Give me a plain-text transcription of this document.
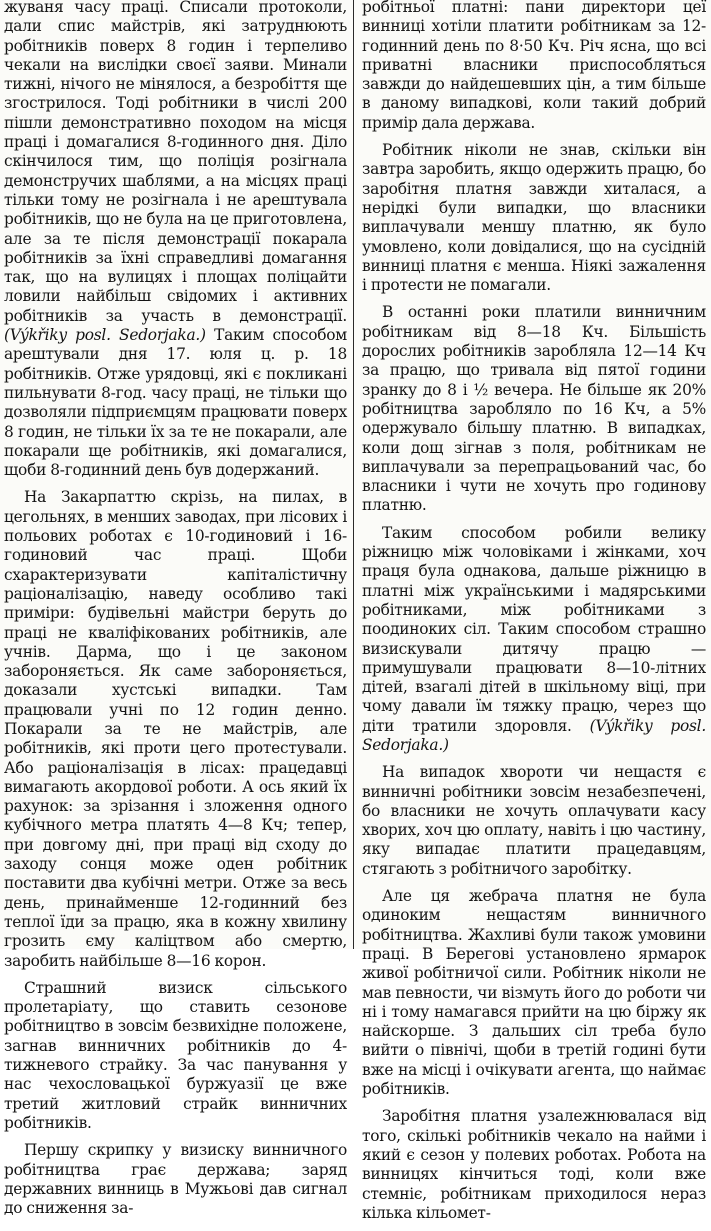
жуваня часу праці. Списали протоколи, дали спис майстрів, які затруднюють робітників поверх 8 годин і терпеливо чекали на вислідки своєї заяви. Минали тижні, нічого не мінялося, а безробіття ще згострилося. Тоді робітники в числі 200 пішли демонстративно походом на місця праці і домагалися 8-годинного дня. Діло скінчилося тим, що поліція розігнала демонстручих шаблями, а на місцях праці тільки тому не розігнала і не арештувала робітників, що не була на це приготовлена, але за те після демонстрації покарала робітників за їхні справедливі домагання так, що на вулицях і площах поліцайти ловили найбільш свідомих і активних робітників за участь в демонстрації. (Výkřiky posl. Sedorjaka.) Таким способом арештували дня 17. юля ц. р. 18 робітників. Отже урядовці, які є покликані пильнувати 8-год. часу праці, не тільки що дозволяли підприємцям працювати поверх 8 годин, не тільки їх за те не покарали, але покарали ще робітників, які домагалися, щоби 8-годинний день був додержаний.

На Закарпаттю скрізь, на пилах, в цегольнях, в менших заводах, при лісових і польових роботах є 10-годиновий і 16-годиновий час праці. Щоби схарактеризувати капіталістичну раціоналізацію, наведу особливо такі приміри: будівельні майстри беруть до праці не кваліфікованих робітників, але учнів. Дарма, що і це законом забороняється. Як саме забороняється, доказали хустські випадки. Там працювали учні по 12 годин денно. Покарали за те не майстрів, але робітників, які проти цего протестували. Або раціоналізація в лісах: працедавці вимагають акордової роботи. А ось який їх рахунок: за зрізання і зложення одного кубічного метра платять 4—8 Кч; тепер, при довгому дні, при праці від сходу до заходу сонця може оден робітник поставити два кубічні метри. Отже за весь день, принайменше 12-годинний без теплої їди за працю, яка в кожну хвилину грозить єму каліцтвом або смертю, заробить найбільше 8—16 корон.

Страшний визиск сільського пролетаріату, що ставить сезонове робітництво в зовсім безвихідне положене, загнав винничних робітників до 4-тижневого страйку. За час панування у нас чехословацької буржуазії це вже третий житловий страйк винничних робітників.

Першу скрипку у визиску винничного робітництва грає держава; заряд державних винниць в Мужьові дав сигнал до сниження за-

робітньої платні: пани директори цеї винниці хотіли платити робітникам за 12-годинний день по 8·50 Кч. Річ ясна, що всі приватні власники приспособляться завжди до найдешевших цін, а тим більше в даному випадкові, коли такий добрий примір дала держава.

Робітник ніколи не знав, скільки він завтра заробить, якщо одержить працю, бо заробітня платня завжди хиталася, а нерідкі були випадки, що власники виплачували меншу платню, як було умовлено, коли довідалися, що на сусідній винниці платня є менша. Ніякі зажалення і протести не помагали.

В останні роки платили винничним робітникам від 8—18 Кч. Більшість дорослих робітників заробляла 12—14 Кч за працю, що тривала від пятої години зранку до 8 і ½ вечера. Не більше як 20% робітництва заробляло по 16 Кч, а 5% одержувало більшу платню. В випадках, коли дощ зігнав з поля, робітникам не виплачували за перепрацьований час, бо власники і чути не хочуть про годинову платню.

Таким способом робили велику ріжницю між чоловіками і жінками, хоч праця була однакова, дальше ріжницю в платні між українськими і мадярськими робітниками, між робітниками з поодиноких сіл. Таким способом страшно визискували дитячу працю — примушували працювати 8—10-літних дітей, взагалі дітей в шкільному віці, при чому давали їм тяжку працю, через що діти тратили здоровля. (Výkřiky posl. Sedorjaka.)

На випадок хвороти чи нещастя є винничні робітники зовсім незабезпечені, бо власники не хочуть оплачувати касу хворих, хоч цю оплату, навіть і цю частину, яку випадає платити працедавцям, стягають з робітничого заробітку.

Але ця жебрача платня не була одиноким нещастям винничного робітництва. Жахливі були також умовини праці. В Берегові установлено ярмарок живої робітничої сили. Робітник ніколи не мав певности, чи візмуть його до роботи чи ні і тому намагався прийти на цю біржу як найскорше. З дальших сіл треба було вийти о північі, щоби в третій годині бути вже на місці і очікувати агента, що наймає робітників.

Заробітня платня узалежнювалася від того, скількі робітників чекало на найми і який є сезон у полевих роботах. Робота на винницях кінчиться тоді, коли вже стемніє, робітникам приходилося нераз кілька кільомет-
